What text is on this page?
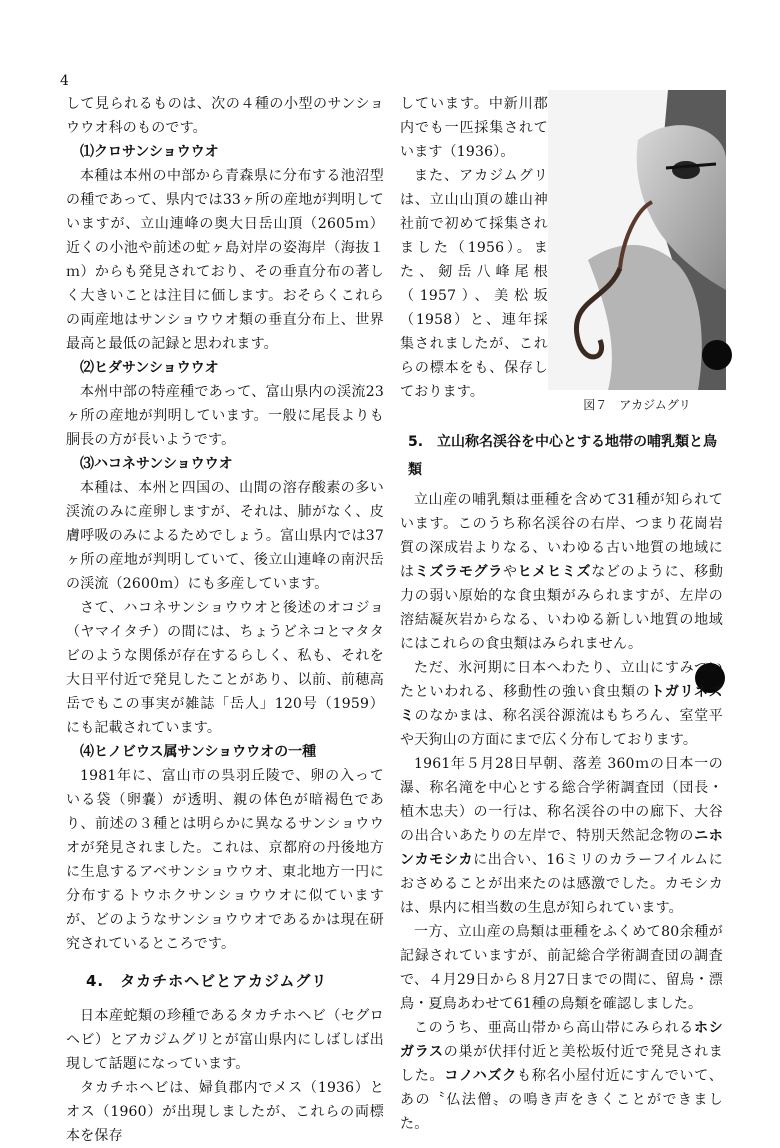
4

して見られるものは、次の４種の小型のサンショウウオ科のものです。

⑴クロサンショウウオ

本種は本州の中部から青森県に分布する池沼型の種であって、県内では33ヶ所の産地が判明していますが、立山連峰の奥大日岳山頂（2605ｍ）近くの小池や前述の虻ヶ島対岸の姿海岸（海抜１ｍ）からも発見されており、その垂直分布の著しく大きいことは注目に価します。おそらくこれらの両産地はサンショウウオ類の垂直分布上、世界最高と最低の記録と思われます。

⑵ヒダサンショウウオ

本州中部の特産種であって、富山県内の渓流23ヶ所の産地が判明しています。一般に尾長よりも胴長の方が長いようです。

⑶ハコネサンショウウオ

本種は、本州と四国の、山間の溶存酸素の多い渓流のみに産卵しますが、それは、肺がなく、皮膚呼吸のみによるためでしょう。富山県内では37ヶ所の産地が判明していて、後立山連峰の南沢岳の渓流（2600ｍ）にも多産しています。

さて、ハコネサンショウウオと後述のオコジョ（ヤマイタチ）の間には、ちょうどネコとマタタビのような関係が存在するらしく、私も、それを大日平付近で発見したことがあり、以前、前穂高岳でもこの事実が雑誌「岳人」120号（1959）にも記載されています。

⑷ヒノビウス属サンショウウオの一種

1981年に、富山市の呉羽丘陵で、卵の入っている袋（卵嚢）が透明、親の体色が暗褐色であり、前述の３種とは明らかに異なるサンショウウオが発見されました。これは、京都府の丹後地方に生息するアベサンショウウオ、東北地方一円に分布するトウホクサンショウウオに似ていますが、どのようなサンショウウオであるかは現在研究されているところです。

4.　タカチホヘビとアカジムグリ

日本産蛇類の珍種であるタカチホヘビ（セグロヘビ）とアカジムグリとが富山県内にしばしば出現して話題になっています。

タカチホヘビは、婦負郡内でメス（1936）とオス（1960）が出現しましたが、これらの両標本を保存

しています。中新川郡内でも一匹採集されています（1936）。

また、アカジムグリは、立山山頂の雄山神社前で初めて採集されました（1956）。また、剱岳八峰尾根（1957）、美松坂（1958）と、連年採集されましたが、これらの標本をも、保存しております。

図７　アカジムグリ

5.　立山称名渓谷を中心とする地帯の哺乳類と鳥類

立山産の哺乳類は亜種を含めて31種が知られています。このうち称名渓谷の右岸、つまり花崗岩質の深成岩よりなる、いわゆる古い地質の地域にはミズラモグラやヒメヒミズなどのように、移動力の弱い原始的な食虫類がみられますが、左岸の溶結凝灰岩からなる、いわゆる新しい地質の地域にはこれらの食虫類はみられません。

ただ、氷河期に日本へわたり、立山にすみついたといわれる、移動性の強い食虫類のトガリネズミのなかまは、称名渓谷源流はもちろん、室堂平や天狗山の方面にまで広く分布しております。

1961年５月28日早朝、落差 360ｍの日本一の瀑、称名滝を中心とする総合学術調査団（団長・植木忠夫）の一行は、称名渓谷の中の廊下、大谷の出合いあたりの左岸で、特別天然記念物のニホンカモシカに出合い、16ミリのカラーフイルムにおさめることが出来たのは感激でした。カモシカは、県内に相当数の生息が知られています。

一方、立山産の鳥類は亜種をふくめて80余種が記録されていますが、前記総合学術調査団の調査で、４月29日から８月27日までの間に、留鳥・漂鳥・夏鳥あわせて61種の鳥類を確認しました。

このうち、亜高山帯から高山帯にみられるホシガラスの巣が伏拝付近と美松坂付近で発見されました。コノハズクも称名小屋付近にすんでいて、あの〝仏法僧〟の鳴き声をきくことができました。
